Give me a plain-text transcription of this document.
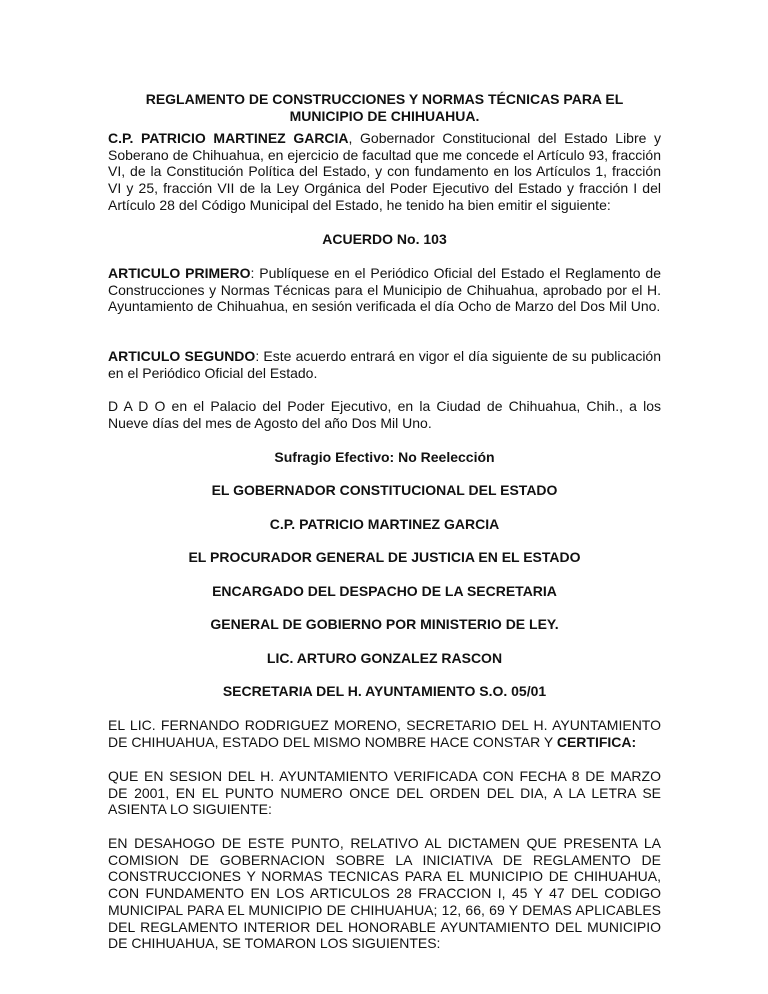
REGLAMENTO DE CONSTRUCCIONES Y NORMAS TÉCNICAS PARA EL MUNICIPIO DE CHIHUAHUA.
C.P. PATRICIO MARTINEZ GARCIA, Gobernador Constitucional del Estado Libre y Soberano de Chihuahua, en ejercicio de facultad que me concede el Artículo 93, fracción VI, de la Constitución Política del Estado, y con fundamento en los Artículos 1, fracción VI y 25, fracción VII de la Ley Orgánica del Poder Ejecutivo del Estado y fracción I del Artículo 28 del Código Municipal del Estado, he tenido ha bien emitir el siguiente:
ACUERDO No. 103
ARTICULO PRIMERO: Publíquese en el Periódico Oficial del Estado el Reglamento de Construcciones y Normas Técnicas para el Municipio de Chihuahua, aprobado por el H. Ayuntamiento de Chihuahua, en sesión verificada el día Ocho de Marzo del Dos Mil Uno.
ARTICULO SEGUNDO: Este acuerdo entrará en vigor el día siguiente de su publicación en el Periódico Oficial del Estado.
D A D O en el Palacio del Poder Ejecutivo, en la Ciudad de Chihuahua, Chih., a los Nueve días del mes de Agosto del año Dos Mil Uno.
Sufragio Efectivo: No Reelección
EL GOBERNADOR CONSTITUCIONAL DEL ESTADO
C.P. PATRICIO MARTINEZ GARCIA
EL PROCURADOR GENERAL DE JUSTICIA EN EL ESTADO
ENCARGADO DEL DESPACHO DE LA SECRETARIA
GENERAL DE GOBIERNO POR MINISTERIO DE LEY.
LIC. ARTURO GONZALEZ RASCON
SECRETARIA DEL H. AYUNTAMIENTO S.O. 05/01
EL LIC. FERNANDO RODRIGUEZ MORENO, SECRETARIO DEL H. AYUNTAMIENTO DE CHIHUAHUA, ESTADO DEL MISMO NOMBRE HACE CONSTAR Y CERTIFICA:
QUE EN SESION DEL H. AYUNTAMIENTO VERIFICADA CON FECHA 8 DE MARZO DE 2001, EN EL PUNTO NUMERO ONCE DEL ORDEN DEL DIA, A LA LETRA SE ASIENTA LO SIGUIENTE:
EN DESAHOGO DE ESTE PUNTO, RELATIVO AL DICTAMEN QUE PRESENTA LA COMISION DE GOBERNACION SOBRE LA INICIATIVA DE REGLAMENTO DE CONSTRUCCIONES Y NORMAS TECNICAS PARA EL MUNICIPIO DE CHIHUAHUA, CON FUNDAMENTO EN LOS ARTICULOS 28 FRACCION I, 45 Y 47 DEL CODIGO MUNICIPAL PARA EL MUNICIPIO DE CHIHUAHUA; 12, 66, 69 Y DEMAS APLICABLES DEL REGLAMENTO INTERIOR DEL HONORABLE AYUNTAMIENTO DEL MUNICIPIO DE CHIHUAHUA, SE TOMARON LOS SIGUIENTES:
